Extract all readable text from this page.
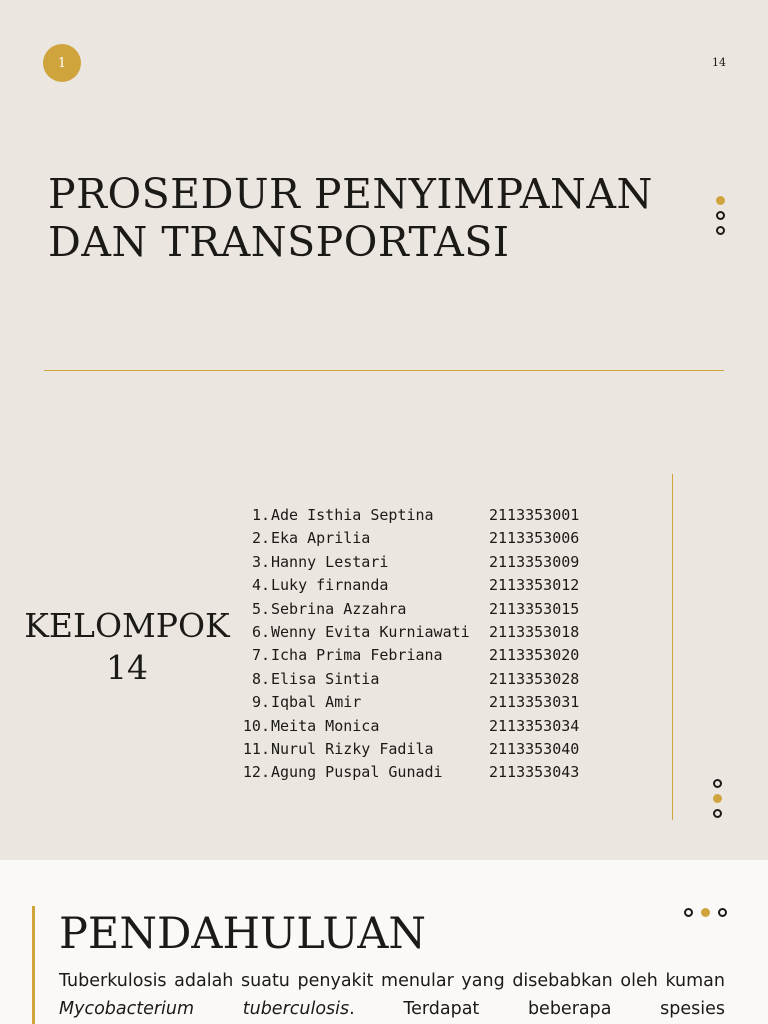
1	14
PROSEDUR PENYIMPANAN
DAN TRANSPORTASI
KELOMPOK
14
1. Ade Isthia Septina	2113353001
2. Eka Aprilia	2113353006
3. Hanny Lestari	2113353009
4. Luky firnanda	2113353012
5. Sebrina Azzahra	2113353015
6. Wenny Evita Kurniawati	2113353018
7. Icha Prima Febriana	2113353020
8. Elisa Sintia	2113353028
9. Iqbal Amir	2113353031
10. Meita Monica	2113353034
11. Nurul Rizky Fadila	2113353040
12. Agung Puspal Gunadi	2113353043
PENDAHULUAN

Tuberkulosis adalah suatu penyakit menular yang disebabkan oleh kuman Mycobacterium tuberculosis. Terdapat beberapa spesies
